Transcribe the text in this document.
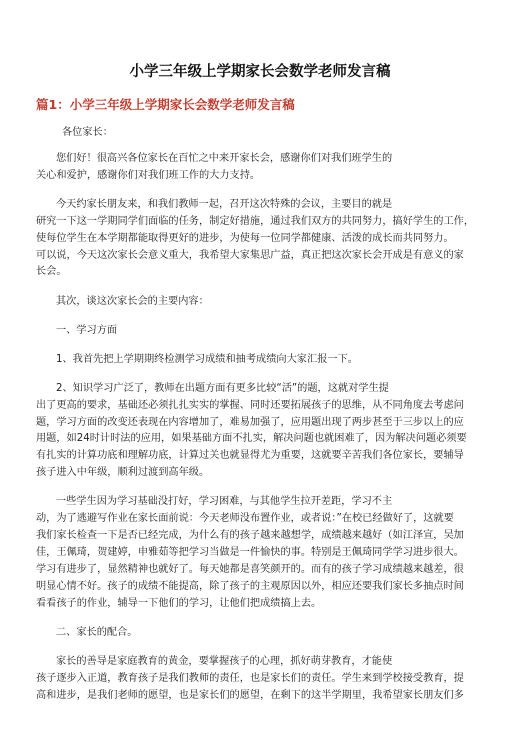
小学三年级上学期家长会数学老师发言稿
篇1：小学三年级上学期家长会数学老师发言稿
各位家长：
您们好！很高兴各位家长在百忙之中来开家长会，感谢你们对我们班学生的
关心和爱护，感谢你们对我们班工作的大力支持。
今天约家长朋友来，和我们教师一起，召开这次特殊的会议，主要目的就是
研究一下这一学期同学们面临的任务，制定好措施，通过我们双方的共同努力，搞好学生的工作，
使每位学生在本学期都能取得更好的进步，为使每一位同学都健康、活泼的成长而共同努力。
可以说，今天这次家长会意义重大，我希望大家集思广益，真正把这次家长会开成是有意义的家
长会。
其次，谈这次家长会的主要内容：
一、学习方面
1、我首先把上学期期终检测学习成绩和抽考成绩向大家汇报一下。
2、知识学习广泛了，教师在出题方面有更多比较“活”的题，这就对学生提
出了更高的要求，基础还必须扎扎实实的掌握、同时还要拓展孩子的思维，从不同角度去考虑问
题，学习方面的改变还表现在内容增加了，难易加强了，应用题出现了两步甚至于三步以上的应
用题，如24时计时法的应用，如果基础方面不扎实，解决问题也就困难了，因为解决问题必须要
有扎实的计算功底和理解功底，计算过关也就显得尤为重要，这就要辛苦我们各位家长，要辅导
孩子进入中年级，顺利过渡到高年级。
一些学生因为学习基础没打好，学习困难，与其他学生拉开差距，学习不主
动，为了逃避写作业在家长面前说：今天老师没布置作业，或者说：”在校已经做好了，这就要
我们家长检查一下是否已经完成，为什么有的孩子越来越想学，成绩越来越好（如江泽宣，吴加
佳，王佩琦，贺建婷，申雅茹等把学习当做是一件愉快的事。特别是王佩琦同学学习进步很大。
学习有进步了，显然精神也就好了。每天她都是喜笑颜开的。而有的孩子学习成绩越来越差，很
明显心情不好。孩子的成绩不能提高，除了孩子的主观原因以外，相应还要我们家长多抽点时间
看看孩子的作业，辅导一下他们的学习，让他们把成绩搞上去。
二、家长的配合。
家长的善导是家庭教育的黄金，要掌握孩子的心理，抓好萌芽教育，才能使
孩子逐步入正道，教育孩子是我们教师的责任，也是家长们的责任。学生来到学校接受教育，提
高和进步，是我们老师的愿望，也是家长们的愿望，在剩下的这半学期里，我希望家长朋友们多
